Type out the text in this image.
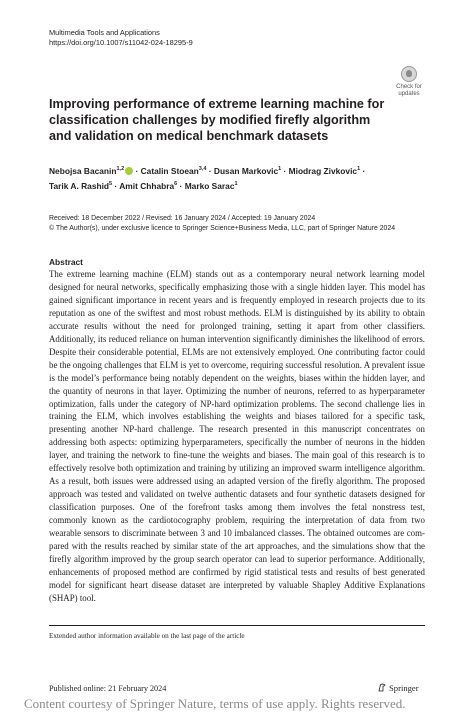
Multimedia Tools and Applications
https://doi.org/10.1007/s11042-024-18295-9
Check for
updates
Improving performance of extreme learning machine for classification challenges by modified firefly algorithm and validation on medical benchmark datasets
Nebojsa Bacanin$^{1,2}$ · Catalin Stoean$^{3,4}$ · Dusan Markovic$^1$ · Miodrag Zivkovic$^1$ ·
Tarik A. Rashid$^5$ · Amit Chhabra$^6$ · Marko Sarac$^1$
Received: 18 December 2022 / Revised: 16 January 2024 / Accepted: 19 January 2024
© The Author(s), under exclusive licence to Springer Science+Business Media, LLC, part of Springer Nature 2024
Abstract
The extreme learning machine (ELM) stands out as a contemporary neural network learning model designed for neural networks, specifically emphasizing those with a single hidden layer. This model has gained significant importance in recent years and is frequently employed in research projects due to its reputation as one of the swiftest and most robust methods. ELM is distinguished by its ability to obtain accurate results without the need for prolonged training, setting it apart from other classifiers. Additionally, its reduced reliance on human intervention significantly diminishes the likelihood of errors. Despite their considerable potential, ELMs are not extensively employed. One contributing factor could be the ongoing challenges that ELM is yet to overcome, requiring successful resolution. A prevalent issue is the model’s performance being notably dependent on the weights, biases within the hidden layer, and the quantity of neurons in that layer. Optimizing the number of neurons, referred to as hyperparameter optimization, falls under the category of NP-hard optimization problems. The second challenge lies in training the ELM, which involves establishing the weights and biases tailored for a specific task, presenting another NP-hard challenge. The research presented in this manuscript concentrates on addressing both aspects: optimizing hyperparameters, specifically the number of neurons in the hidden layer, and training the network to fine-tune the weights and biases. The main goal of this research is to effectively resolve both optimization and training by utilizing an improved swarm intelligence algorithm. As a result, both issues were addressed using an adapted version of the firefly algorithm. The proposed approach was tested and validated on twelve authentic datasets and four synthetic datasets designed for classification purposes. One of the forefront tasks among them involves the fetal nonstress test, commonly known as the cardiotocography problem, requiring the interpretation of data from two wearable sensors to discriminate between 3 and 10 imbalanced classes. The obtained outcomes are compared with the results reached by similar state of the art approaches, and the simulations show that the firefly algorithm improved by the group search operator can lead to superior performance. Additionally, enhancements of proposed method are confirmed by rigid statistical tests and results of best generated model for significant heart disease dataset are interpreted by valuable Shapley Additive Explanations (SHAP) tool.
Extended author information available on the last page of the article
Published online: 21 February 2024	Springer
Content courtesy of Springer Nature, terms of use apply. Rights reserved.
